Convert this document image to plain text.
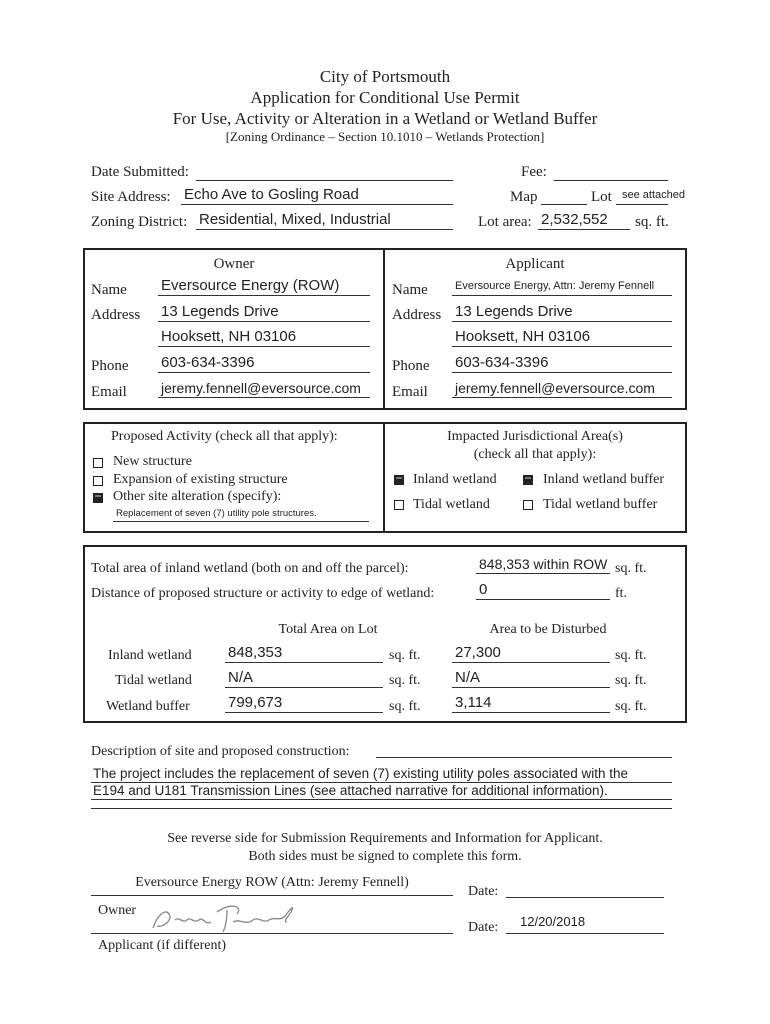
City of Portsmouth
Application for Conditional Use Permit
For Use, Activity or Alteration in a Wetland or Wetland Buffer
[Zoning Ordinance – Section 10.1010 – Wetlands Protection]
Date Submitted:	Fee:
Site Address: Echo Ave to Gosling Road	Map	Lot see attached
Zoning District: Residential, Mixed, Industrial	Lot area: 2,532,552 sq. ft.
Owner
Name Eversource Energy (ROW)
Address 13 Legends Drive
Hooksett, NH 03106
Phone 603-634-3396
Email jeremy.fennell@eversource.com
Applicant
Name Eversource Energy, Attn: Jeremy Fennell
Address 13 Legends Drive
Hooksett, NH 03106
Phone 603-634-3396
Email jeremy.fennell@eversource.com
Proposed Activity (check all that apply):
New structure
Expansion of existing structure
Other site alteration (specify):
Replacement of seven (7) utility pole structures.
Impacted Jurisdictional Area(s)
(check all that apply):
Inland wetland	Inland wetland buffer
Tidal wetland	Tidal wetland buffer
Total area of inland wetland (both on and off the parcel):	848,353 within ROW sq. ft.
Distance of proposed structure or activity to edge of wetland:	0	ft.
Total Area on Lot	Area to be Disturbed
Inland wetland 848,353	sq. ft. 27,300	sq. ft.
Tidal wetland N/A	sq. ft. N/A	sq. ft.
Wetland buffer	799,673	sq. ft. 3,114	sq. ft.
Description of site and proposed construction:
The project includes the replacement of seven (7) existing utility poles associated with the
E194 and U181 Transmission Lines (see attached narrative for additional information).
See reverse side for Submission Requirements and Information for Applicant.
Both sides must be signed to complete this form.
Eversource Energy ROW (Attn: Jeremy Fennell)
Date:
Owner
Date: 12/20/2018
Applicant (if different)
